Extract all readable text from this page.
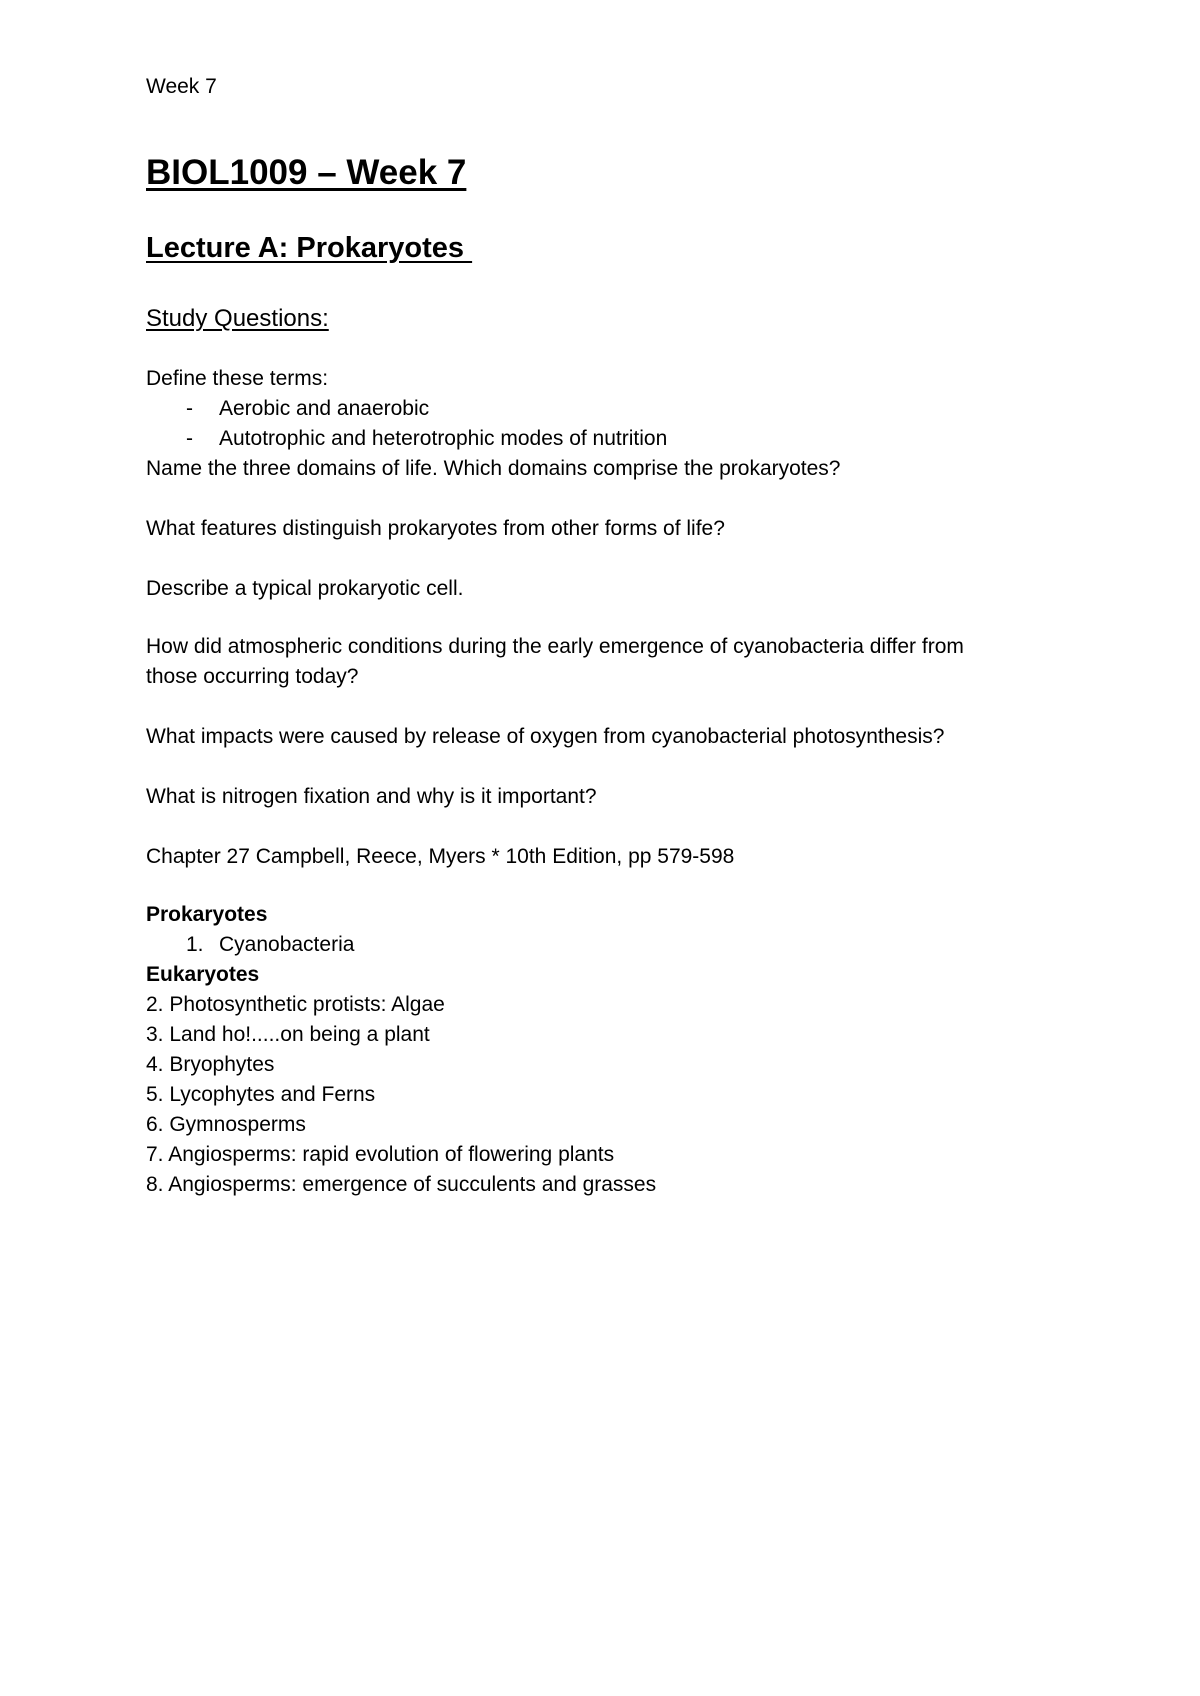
Week 7
BIOL1009 – Week 7
Lecture A: Prokaryotes
Study Questions:
Define these terms:
- Aerobic and anaerobic
- Autotrophic and heterotrophic modes of nutrition
Name the three domains of life. Which domains comprise the prokaryotes?
What features distinguish prokaryotes from other forms of life?
Describe a typical prokaryotic cell.
How did atmospheric conditions during the early emergence of cyanobacteria differ from
those occurring today?
What impacts were caused by release of oxygen from cyanobacterial photosynthesis?
What is nitrogen fixation and why is it important?
Chapter 27 Campbell, Reece, Myers * 10th Edition, pp 579-598
Prokaryotes
1. Cyanobacteria
Eukaryotes
2. Photosynthetic protists: Algae
3. Land ho!.....on being a plant
4. Bryophytes
5. Lycophytes and Ferns
6. Gymnosperms
7. Angiosperms: rapid evolution of flowering plants
8. Angiosperms: emergence of succulents and grasses
